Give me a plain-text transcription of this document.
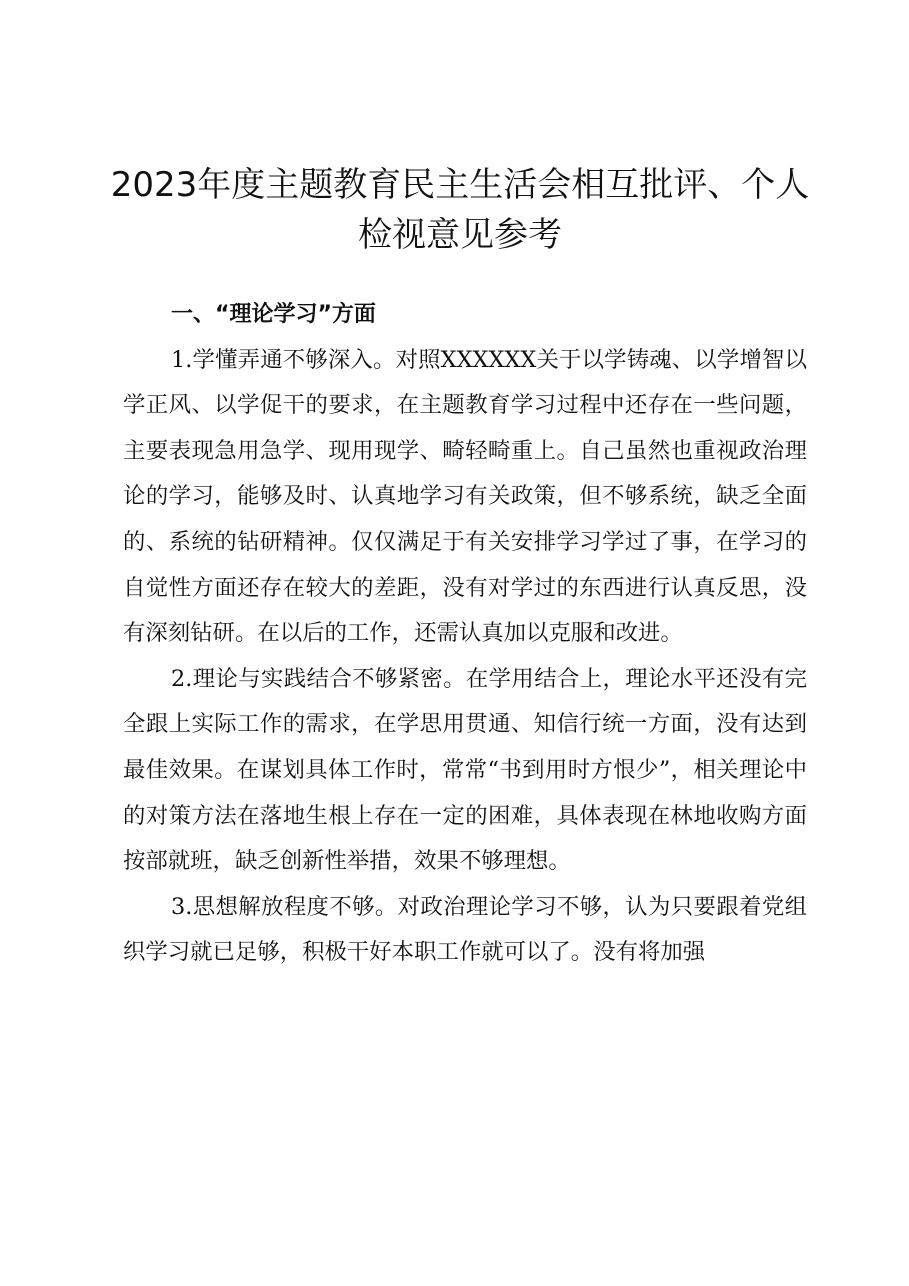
2023年度主题教育民主生活会相互批评、个人
检视意见参考

一、“理论学习”方面

1.学懂弄通不够深入。对照XXXXXX关于以学铸魂、以学增智以学正风、以学促干的要求，在主题教育学习过程中还存在一些问题，主要表现急用急学、现用现学、畸轻畸重上。自己虽然也重视政治理论的学习，能够及时、认真地学习有关政策，但不够系统，缺乏全面的、系统的钻研精神。仅仅满足于有关安排学习学过了事，在学习的自觉性方面还存在较大的差距，没有对学过的东西进行认真反思，没有深刻钻研。在以后的工作，还需认真加以克服和改进。

2.理论与实践结合不够紧密。在学用结合上，理论水平还没有完全跟上实际工作的需求，在学思用贯通、知信行统一方面，没有达到最佳效果。在谋划具体工作时，常常“书到用时方恨少”，相关理论中的对策方法在落地生根上存在一定的困难，具体表现在林地收购方面按部就班，缺乏创新性举措，效果不够理想。

3.思想解放程度不够。对政治理论学习不够，认为只要跟着党组织学习就已足够，积极干好本职工作就可以了。没有将加强
